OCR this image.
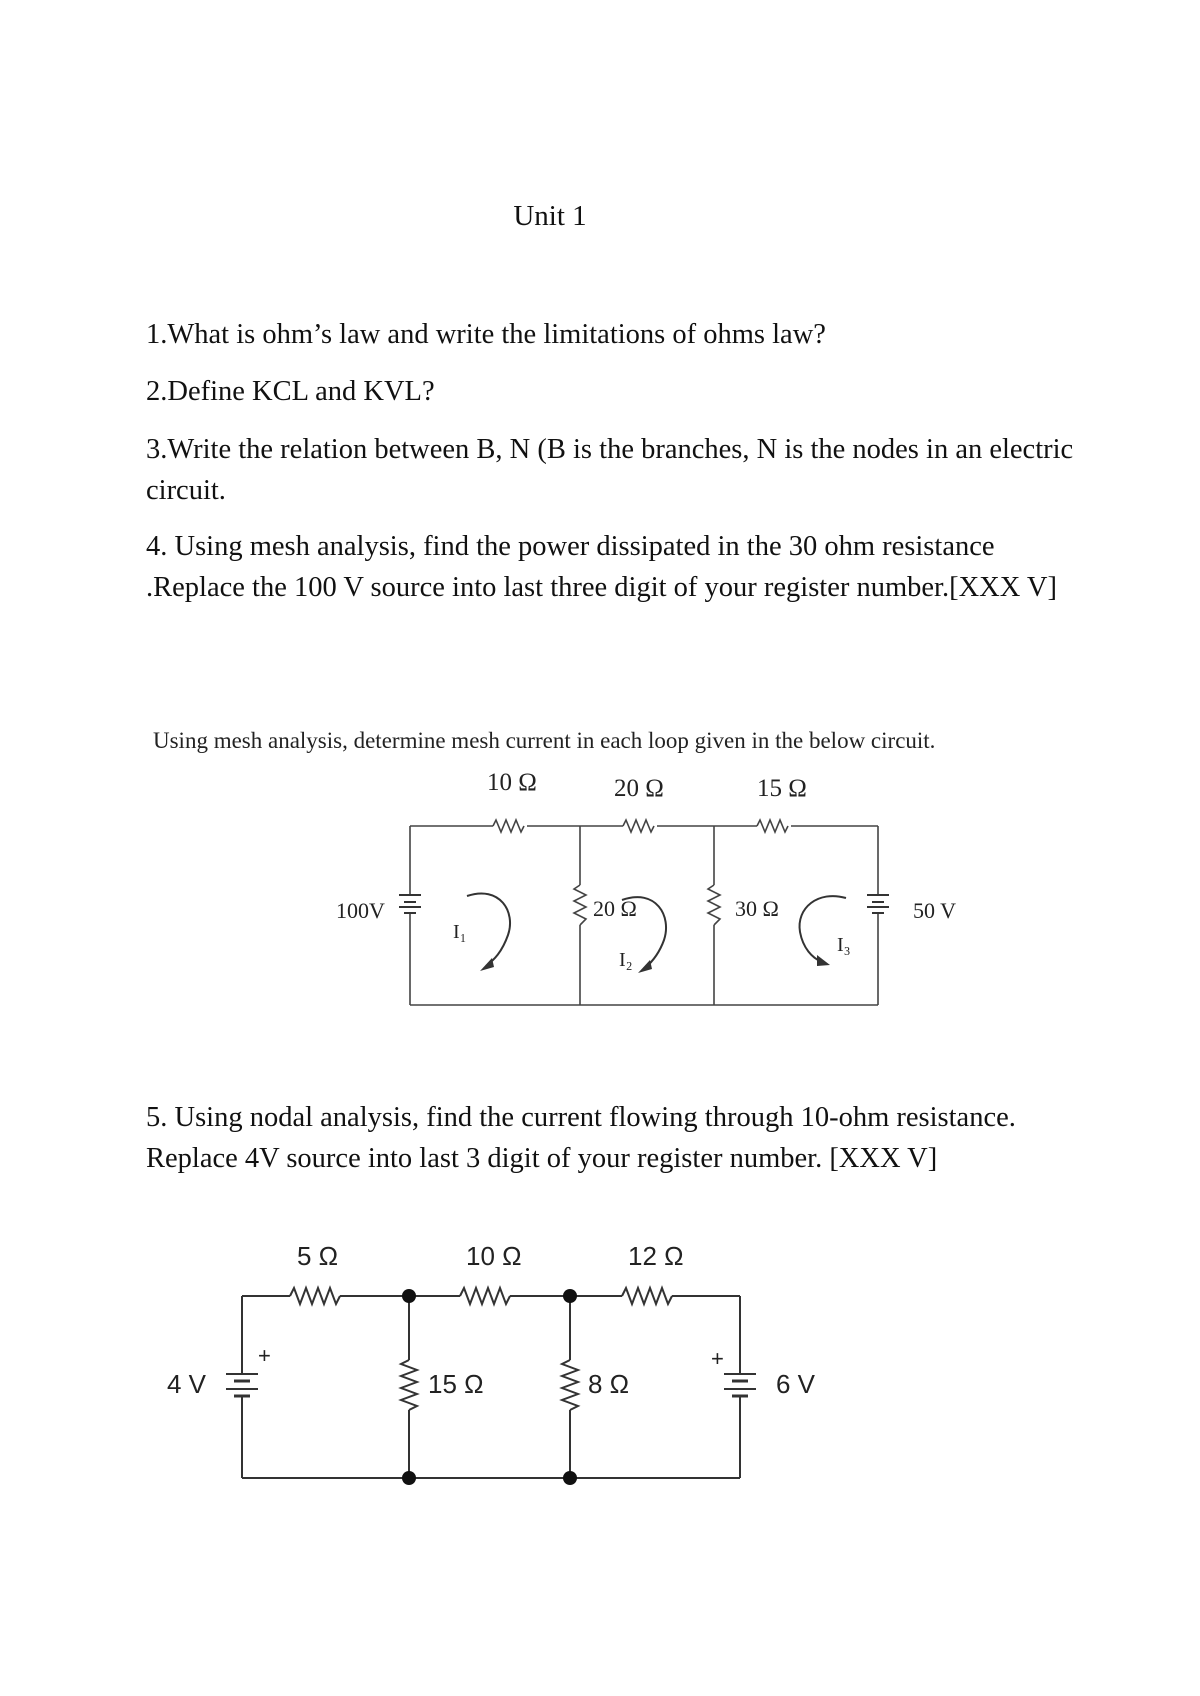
Unit 1

1.What is ohm’s law and write the limitations of ohms law?

2.Define KCL and KVL?

3.Write the relation between B, N (B is the branches, N is the nodes in an electric circuit.

4. Using mesh analysis, find the power dissipated in the 30 ohm resistance .Replace the 100 V source into last three digit of your register number.[XXX V]

5. Using nodal analysis, find the current flowing through 10-ohm resistance. Replace 4V source into last 3 digit of your register number. [XXX V]

Using mesh analysis, determine mesh current in each loop given in the below circuit.
10 Ω	20 Ω	15 Ω
100V	20 Ω	30 Ω	50 V
I₁
I₂
I₃
5 Ω	10 Ω	12 Ω
4 V	15 Ω	8 Ω	6 V
+	+
